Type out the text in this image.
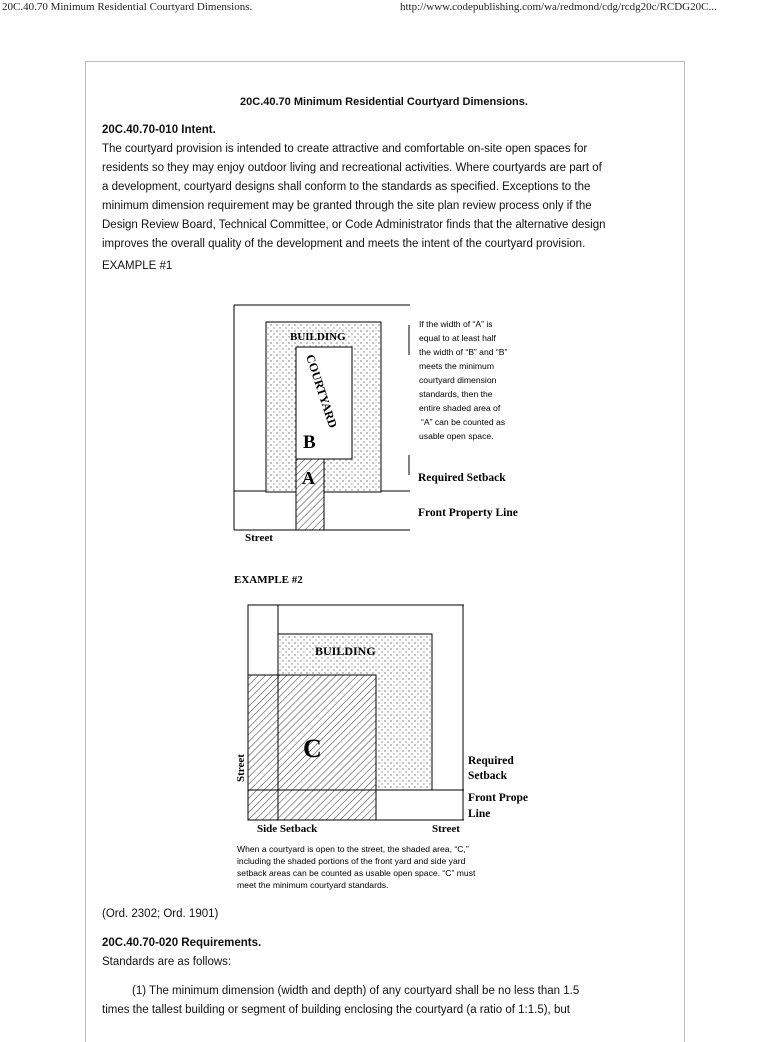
20C.40.70 Minimum Residential Courtyard Dimensions.	http://www.codepublishing.com/wa/redmond/cdg/rcdg20c/RCDG20C...
20C.40.70 Minimum Residential Courtyard Dimensions.
20C.40.70-010 Intent.
The courtyard provision is intended to create attractive and comfortable on-site open spaces for
residents so they may enjoy outdoor living and recreational activities. Where courtyards are part of
a development, courtyard designs shall conform to the standards as specified. Exceptions to the
minimum dimension requirement may be granted through the site plan review process only if the
Design Review Board, Technical Committee, or Code Administrator finds that the alternative design
improves the overall quality of the development and meets the intent of the courtyard provision.
EXAMPLE #1
BUILDING
COURTYARD
B
A
If the width of “A” is
equal to at least half
the width of “B” and “B”
meets the minimum
courtyard dimension
standards, then the
entire shaded area of
“A” can be counted as
usable open space.
Required Setback
Front Property Line
Street
EXAMPLE #2
BUILDING
C
Street	Required
Setback
Front Prope
Line
Side Setback	Street
When a courtyard is open to the street, the shaded area, “C,”
including the shaded portions of the front yard and side yard
setback areas can be counted as usable open space. “C” must
meet the minimum courtyard standards.
(Ord. 2302; Ord. 1901)
20C.40.70-020 Requirements.
Standards are as follows:
(1) The minimum dimension (width and depth) of any courtyard shall be no less than 1.5
times the tallest building or segment of building enclosing the courtyard (a ratio of 1:1.5), but
